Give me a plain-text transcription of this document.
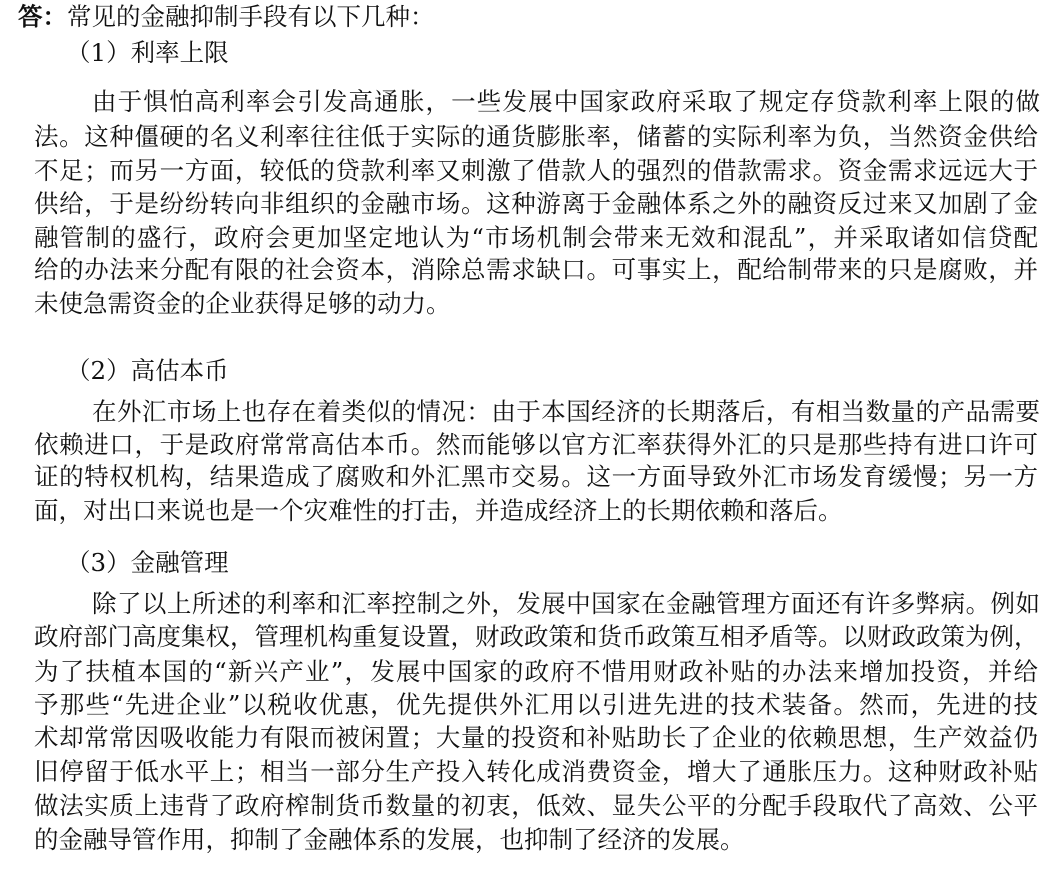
答：常见的金融抑制手段有以下几种：
（1）利率上限
由于惧怕高利率会引发高通胀，一些发展中国家政府采取了规定存贷款利率上限的做
法。这种僵硬的名义利率往往低于实际的通货膨胀率，储蓄的实际利率为负，当然资金供给
不足；而另一方面，较低的贷款利率又刺激了借款人的强烈的借款需求。资金需求远远大于
供给，于是纷纷转向非组织的金融市场。这种游离于金融体系之外的融资反过来又加剧了金
融管制的盛行，政府会更加坚定地认为“市场机制会带来无效和混乱”，并采取诸如信贷配
给的办法来分配有限的社会资本，消除总需求缺口。可事实上，配给制带来的只是腐败，并
未使急需资金的企业获得足够的动力。
（2）高估本币
在外汇市场上也存在着类似的情况：由于本国经济的长期落后，有相当数量的产品需要
依赖进口，于是政府常常高估本币。然而能够以官方汇率获得外汇的只是那些持有进口许可
证的特权机构，结果造成了腐败和外汇黑市交易。这一方面导致外汇市场发育缓慢；另一方
面，对出口来说也是一个灾难性的打击，并造成经济上的长期依赖和落后。
（3）金融管理
除了以上所述的利率和汇率控制之外，发展中国家在金融管理方面还有许多弊病。例如
政府部门高度集权，管理机构重复设置，财政政策和货币政策互相矛盾等。以财政政策为例，
为了扶植本国的“新兴产业”，发展中国家的政府不惜用财政补贴的办法来增加投资，并给
予那些“先进企业”以税收优惠，优先提供外汇用以引进先进的技术装备。然而，先进的技
术却常常因吸收能力有限而被闲置；大量的投资和补贴助长了企业的依赖思想，生产效益仍
旧停留于低水平上；相当一部分生产投入转化成消费资金，增大了通胀压力。这种财政补贴
做法实质上违背了政府榨制货币数量的初衷，低效、显失公平的分配手段取代了高效、公平
的金融导管作用，抑制了金融体系的发展，也抑制了经济的发展。
